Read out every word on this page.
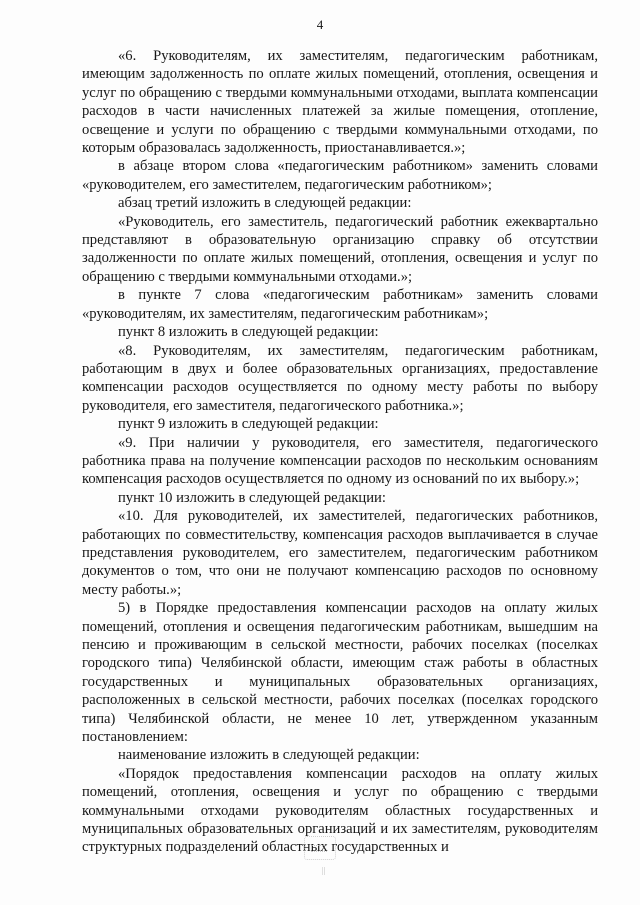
4

«6. Руководителям, их заместителям, педагогическим работникам, имеющим задолженность по оплате жилых помещений, отопления, освещения и услуг по обращению с твердыми коммунальными отходами, выплата компенсации расходов в части начисленных платежей за жилые помещения, отопление, освещение и услуги по обращению с твердыми коммунальными отходами, по которым образовалась задолженность, приостанавливается.»;

в абзаце втором слова «педагогическим работником» заменить словами «руководителем, его заместителем, педагогическим работником»;

абзац третий изложить в следующей редакции:

«Руководитель, его заместитель, педагогический работник ежеквартально представляют в образовательную организацию справку об отсутствии задолженности по оплате жилых помещений, отопления, освещения и услуг по обращению с твердыми коммунальными отходами.»;

в пункте 7 слова «педагогическим работникам» заменить словами «руководителям, их заместителям, педагогическим работникам»;

пункт 8 изложить в следующей редакции:

«8. Руководителям, их заместителям, педагогическим работникам, работающим в двух и более образовательных организациях, предоставление компенсации расходов осуществляется по одному месту работы по выбору руководителя, его заместителя, педагогического работника.»;

пункт 9 изложить в следующей редакции:

«9. При наличии у руководителя, его заместителя, педагогического работника права на получение компенсации расходов по нескольким основаниям компенсация расходов осуществляется по одному из оснований по их выбору.»;

пункт 10 изложить в следующей редакции:

«10. Для руководителей, их заместителей, педагогических работников, работающих по совместительству, компенсация расходов выплачивается в случае представления руководителем, его заместителем, педагогическим работником документов о том, что они не получают компенсацию расходов по основному месту работы.»;

5) в Порядке предоставления компенсации расходов на оплату жилых помещений, отопления и освещения педагогическим работникам, вышедшим на пенсию и проживающим в сельской местности, рабочих поселках (поселках городского типа) Челябинской области, имеющим стаж работы в областных государственных и муниципальных образовательных организациях, расположенных в сельской местности, рабочих поселках (поселках городского типа) Челябинской области, не менее 10 лет, утвержденном указанным постановлением:

наименование изложить в следующей редакции:

«Порядок предоставления компенсации расходов на оплату жилых помещений, отопления, освещения и услуг по обращению с твердыми коммунальными отходами руководителям областных государственных и муниципальных образовательных организаций и их заместителям, руководителям структурных подразделений областных государственных и

||
